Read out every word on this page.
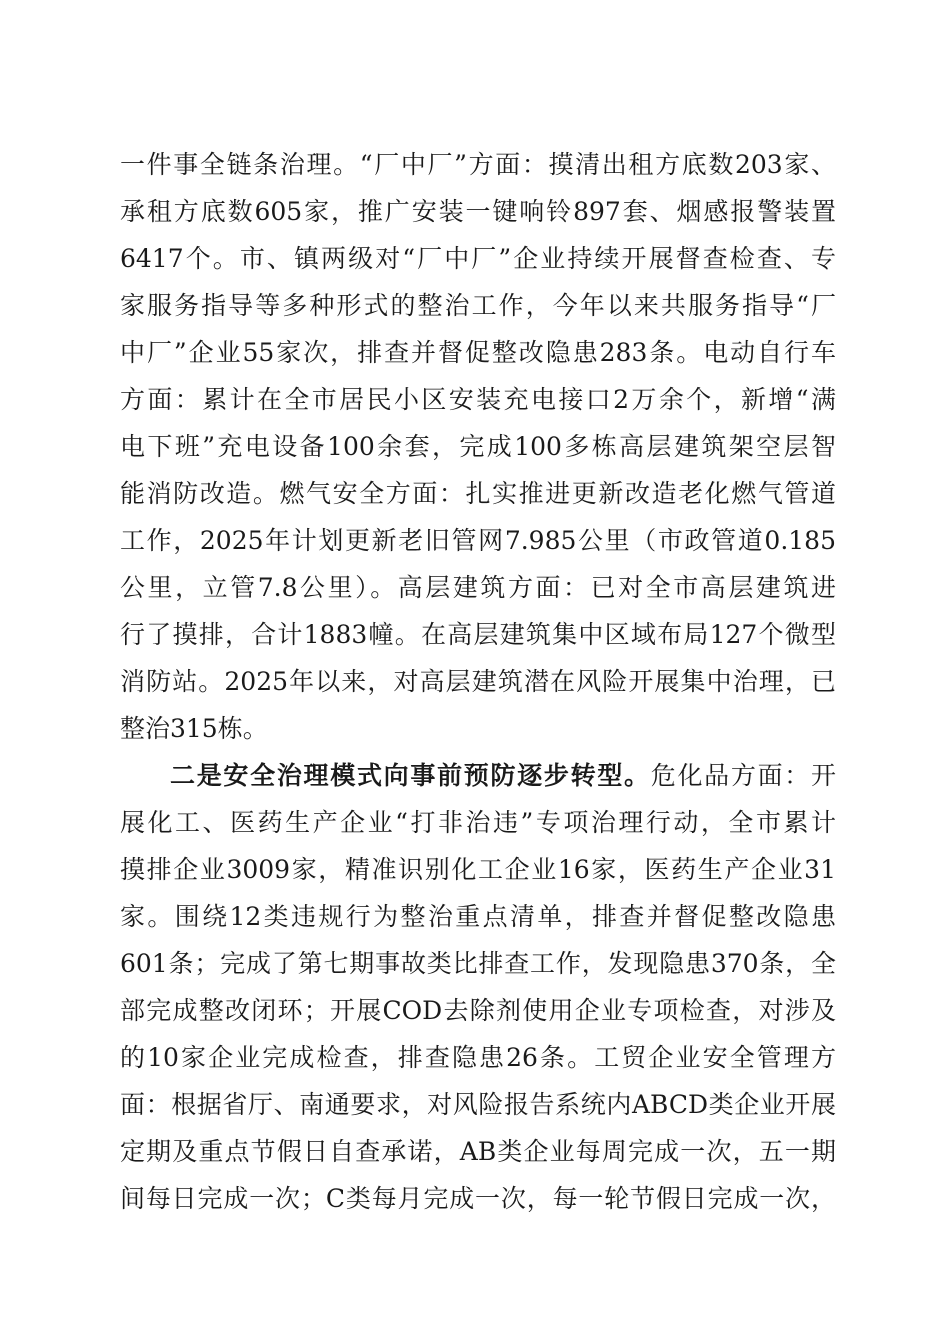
一件事全链条治理。“厂中厂”方面：摸清出租方底数203家、
承租方底数605家，推广安装一键响铃897套、烟感报警装置
6417个。市、镇两级对“厂中厂”企业持续开展督查检查、专
家服务指导等多种形式的整治工作，今年以来共服务指导“厂
中厂”企业55家次，排查并督促整改隐患283条。电动自行车
方面：累计在全市居民小区安装充电接口2万余个，新增“满
电下班”充电设备100余套，完成100多栋高层建筑架空层智
能消防改造。燃气安全方面：扎实推进更新改造老化燃气管道
工作，2025年计划更新老旧管网7.985公里（市政管道0.185
公里，立管7.8公里）。高层建筑方面：已对全市高层建筑进
行了摸排，合计1883幢。在高层建筑集中区域布局127个微型
消防站。2025年以来，对高层建筑潜在风险开展集中治理，已
整治315栋。
二是安全治理模式向事前预防逐步转型。危化品方面：开
展化工、医药生产企业“打非治违”专项治理行动，全市累计
摸排企业3009家，精准识别化工企业16家，医药生产企业31
家。围绕12类违规行为整治重点清单，排查并督促整改隐患
601条；完成了第七期事故类比排查工作，发现隐患370条，全
部完成整改闭环；开展COD去除剂使用企业专项检查，对涉及
的10家企业完成检查，排查隐患26条。工贸企业安全管理方
面：根据省厅、南通要求，对风险报告系统内ABCD类企业开展
定期及重点节假日自查承诺，AB类企业每周完成一次，五一期
间每日完成一次；C类每月完成一次，每一轮节假日完成一次，
